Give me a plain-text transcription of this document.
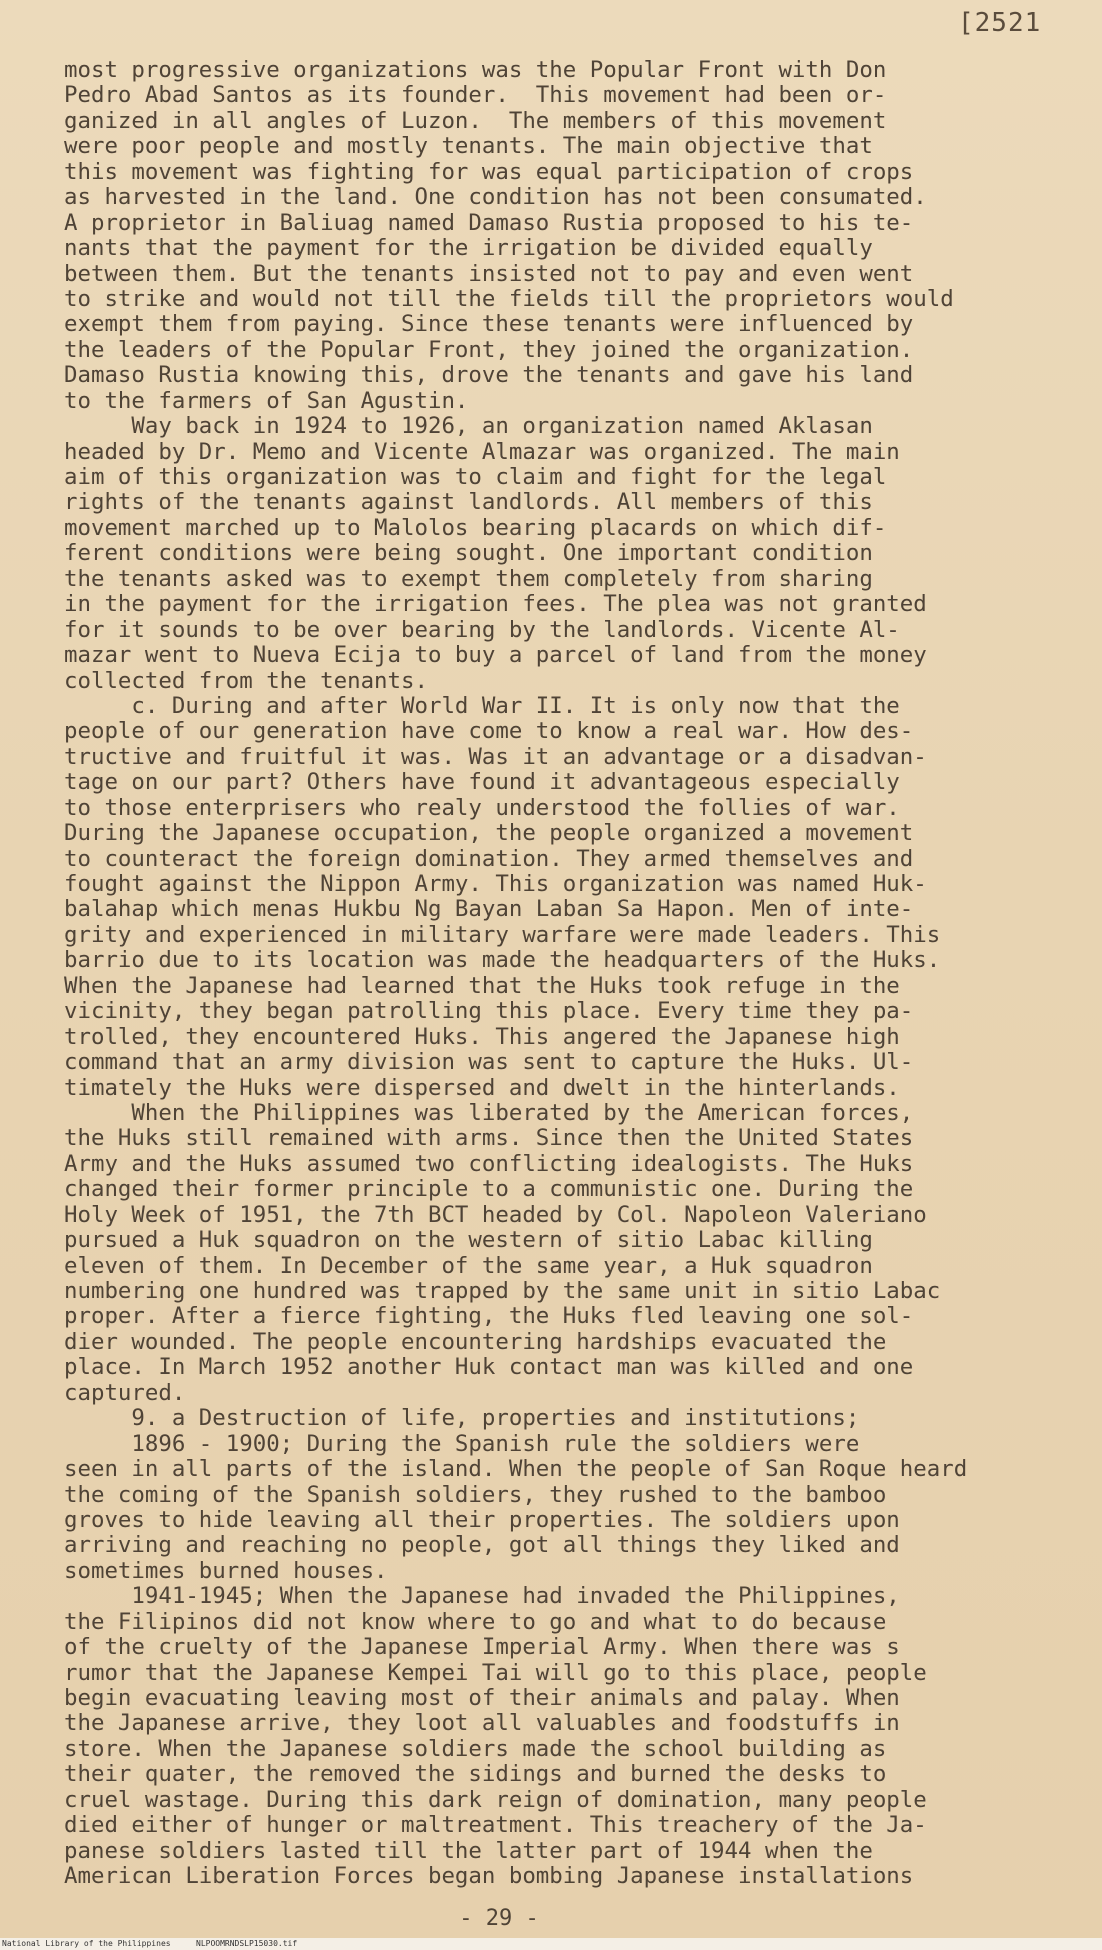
[2521
most progressive organizations was the Popular Front with Don
Pedro Abad Santos as its founder.  This movement had been or-
ganized in all angles of Luzon.  The members of this movement
were poor people and mostly tenants. The main objective that
this movement was fighting for was equal participation of crops
as harvested in the land. One condition has not been consumated.
A proprietor in Baliuag named Damaso Rustia proposed to his te-
nants that the payment for the irrigation be divided equally
between them. But the tenants insisted not to pay and even went
to strike and would not till the fields till the proprietors would
exempt them from paying. Since these tenants were influenced by
the leaders of the Popular Front, they joined the organization.
Damaso Rustia knowing this, drove the tenants and gave his land
to the farmers of San Agustin.
Way back in 1924 to 1926, an organization named Aklasan
headed by Dr. Memo and Vicente Almazar was organized. The main
aim of this organization was to claim and fight for the legal
rights of the tenants against landlords. All members of this
movement marched up to Malolos bearing placards on which dif-
ferent conditions were being sought. One important condition
the tenants asked was to exempt them completely from sharing
in the payment for the irrigation fees. The plea was not granted
for it sounds to be over bearing by the landlords. Vicente Al-
mazar went to Nueva Ecija to buy a parcel of land from the money
collected from the tenants.
c. During and after World War II. It is only now that the
people of our generation have come to know a real war. How des-
tructive and fruitful it was. Was it an advantage or a disadvan-
tage on our part? Others have found it advantageous especially
to those enterprisers who realy understood the follies of war.
During the Japanese occupation, the people organized a movement
to counteract the foreign domination. They armed themselves and
fought against the Nippon Army. This organization was named Huk-
balahap which menas Hukbu Ng Bayan Laban Sa Hapon. Men of inte-
grity and experienced in military warfare were made leaders. This
barrio due to its location was made the headquarters of the Huks.
When the Japanese had learned that the Huks took refuge in the
vicinity, they began patrolling this place. Every time they pa-
trolled, they encountered Huks. This angered the Japanese high
command that an army division was sent to capture the Huks. Ul-
timately the Huks were dispersed and dwelt in the hinterlands.
When the Philippines was liberated by the American forces,
the Huks still remained with arms. Since then the United States
Army and the Huks assumed two conflicting idealogists. The Huks
changed their former principle to a communistic one. During the
Holy Week of 1951, the 7th BCT headed by Col. Napoleon Valeriano
pursued a Huk squadron on the western of sitio Labac killing
eleven of them. In December of the same year, a Huk squadron
numbering one hundred was trapped by the same unit in sitio Labac
proper. After a fierce fighting, the Huks fled leaving one sol-
dier wounded. The people encountering hardships evacuated the
place. In March 1952 another Huk contact man was killed and one
captured.
9. a Destruction of life, properties and institutions;
1896 - 1900; During the Spanish rule the soldiers were
seen in all parts of the island. When the people of San Roque heard
the coming of the Spanish soldiers, they rushed to the bamboo
groves to hide leaving all their properties. The soldiers upon
arriving and reaching no people, got all things they liked and
sometimes burned houses.
1941-1945; When the Japanese had invaded the Philippines,
the Filipinos did not know where to go and what to do because
of the cruelty of the Japanese Imperial Army. When there was s
rumor that the Japanese Kempei Tai will go to this place, people
begin evacuating leaving most of their animals and palay. When
the Japanese arrive, they loot all valuables and foodstuffs in
store. When the Japanese soldiers made the school building as
their quater, the removed the sidings and burned the desks to
cruel wastage. During this dark reign of domination, many people
died either of hunger or maltreatment. This treachery of the Ja-
panese soldiers lasted till the latter part of 1944 when the
American Liberation Forces began bombing Japanese installations
- 29 -
National Library of the Philippines	NLPOOMRNDSLP15030.tif
